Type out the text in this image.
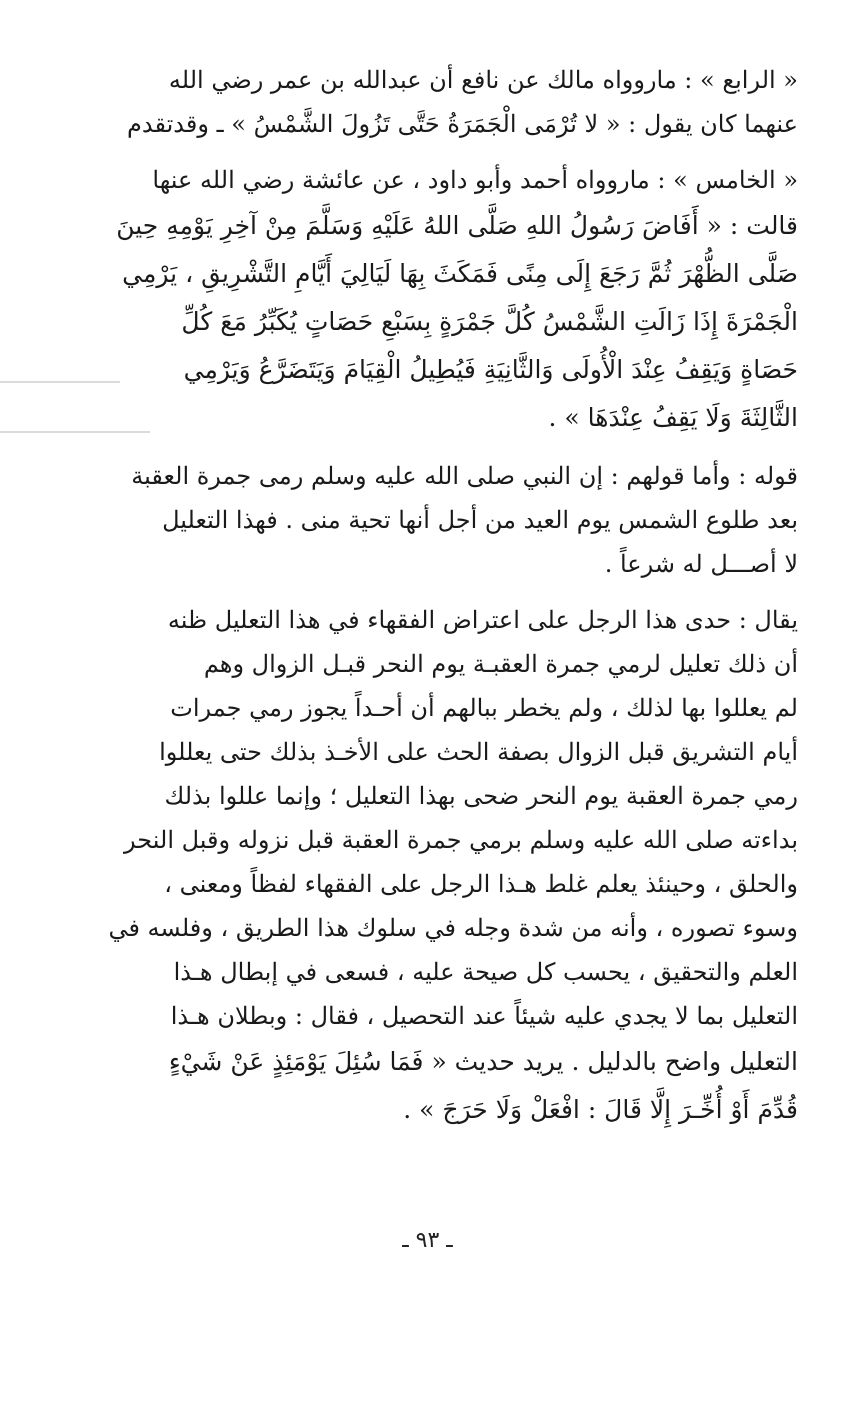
« الرابع » : ماروواه مالك عن نافع أن عبدالله بن عمر رضي الله
عنهما كان يقول : « لا تُرْمَى الْجَمَرَةُ حَتَّى تَزُولَ الشَّمْسُ » ـ وقدتقدم

« الخامس » : ماروواه أحمد وأبو داود ، عن عائشة رضي الله عنها
قالت : « أَفَاضَ رَسُولُ اللهِ صَلَّى اللهُ عَلَيْهِ وَسَلَّمَ مِنْ آخِرِ يَوْمِهِ حِينَ
صَلَّى الظُّهْرَ ثُمَّ رَجَعَ إِلَى مِنًى فَمَكَثَ بِهَا لَيَالِيَ أَيَّامِ التَّشْرِيقِ ، يَرْمِي
الْجَمْرَةَ إِذَا زَالَتِ الشَّمْسُ كُلَّ جَمْرَةٍ بِسَبْعِ حَصَاتٍ يُكَبِّرُ مَعَ كُلِّ
حَصَاةٍ وَيَقِفُ عِنْدَ الْأُولَى وَالثَّانِيَةِ فَيُطِيلُ الْقِيَامَ وَيَتَضَرَّعُ وَيَرْمِي
الثَّالِثَةَ وَلَا يَقِفُ عِنْدَهَا » .

قوله : وأما قولهم : إن النبي صلى الله عليه وسلم رمى جمرة العقبة
بعد طلوع الشمس يوم العيد من أجل أنها تحية منى . فهذا التعليل
لا أصـــل له شرعاً .

يقال : حدى هذا الرجل على اعتراض الفقهاء في هذا التعليل ظنه
أن ذلك تعليل لرمي جمرة العقبـة يوم النحر قبـل الزوال وهم
لم يعللوا بها لذلك ، ولم يخطر ببالهم أن أحـداً يجوز رمي جمرات
أيام التشريق قبل الزوال بصفة الحث على الأخـذ بذلك حتى يعللوا
رمي جمرة العقبة يوم النحر ضحى بهذا التعليل ؛ وإنما عللوا بذلك
بداءته صلى الله عليه وسلم برمي جمرة العقبة قبل نزوله وقبل النحر
والحلق ، وحينئذ يعلم غلط هـذا الرجل على الفقهاء لفظاً ومعنى ،
وسوء تصوره ، وأنه من شدة وجله في سلوك هذا الطريق ، وفلسه في
العلم والتحقيق ، يحسب كل صيحة عليه ، فسعى في إبطال هـذا
التعليل بما لا يجدي عليه شيئاً عند التحصيل ، فقال : وبطلان هـذا
التعليل واضح بالدليل . يريد حديث « فَمَا سُئِلَ يَوْمَئِذٍ عَنْ شَيْءٍ
قُدِّمَ أَوْ أُخِّـرَ إِلَّا قَالَ : افْعَلْ وَلَا حَرَجَ » .

ـ ٩٣ ـ
